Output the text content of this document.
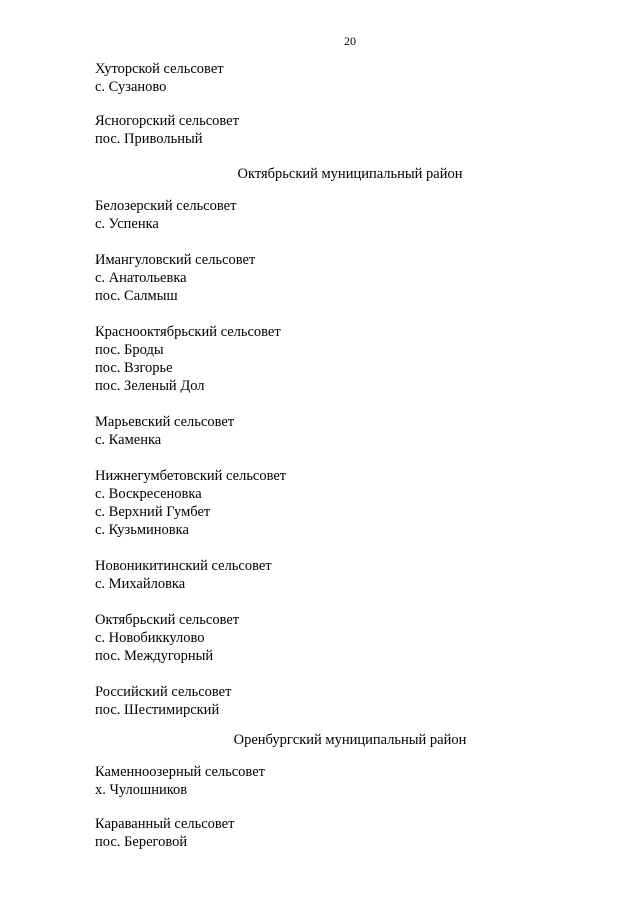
20
Хуторской сельсовет
с. Сузаново
Ясногорский сельсовет
пос. Привольный
Октябрьский муниципальный район
Белозерский сельсовет
с. Успенка
Имангуловский сельсовет
с. Анатольевка
пос. Салмыш
Краснооктябрьский сельсовет
пос. Броды
пос. Взгорье
пос. Зеленый Дол
Марьевский сельсовет
с. Каменка
Нижнегумбетовский сельсовет
с. Воскресеновка
с. Верхний Гумбет
с. Кузьминовка
Новоникитинский сельсовет
с. Михайловка
Октябрьский сельсовет
с. Новобиккулово
пос. Междугорный
Российский сельсовет
пос. Шестимирский
Оренбургский муниципальный район
Каменноозерный сельсовет
х. Чулошников
Караванный сельсовет
пос. Береговой
